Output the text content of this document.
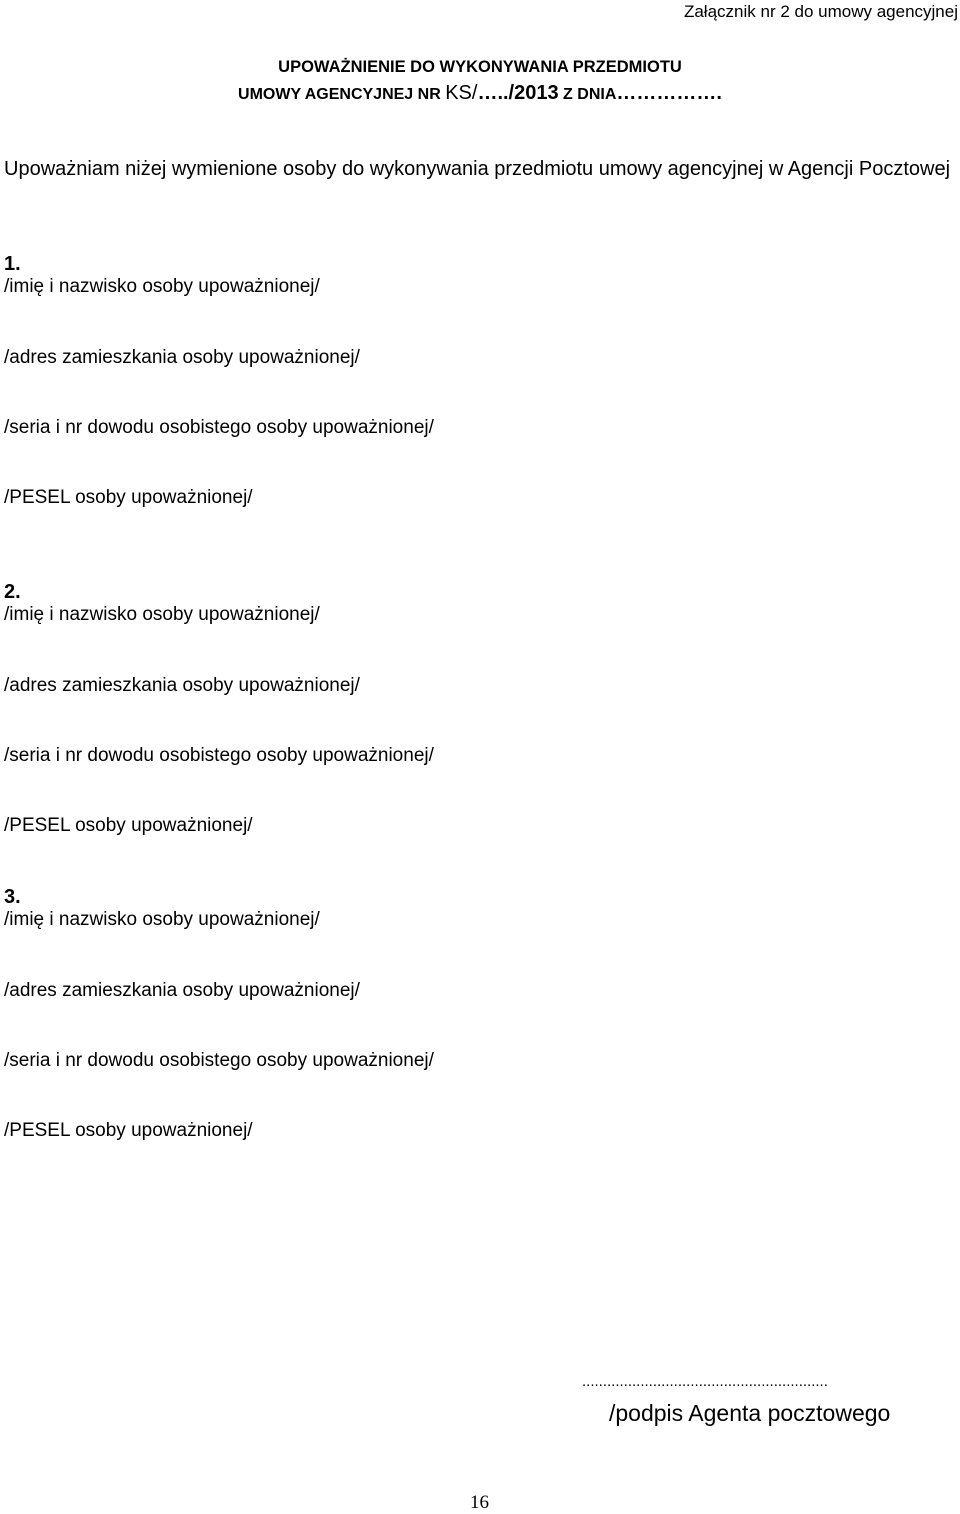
Załącznik nr 2 do umowy agencyjnej
UPOWAŻNIENIE DO WYKONYWANIA PRZEDMIOTU
UMOWY AGENCYJNEJ NR KS/…../2013 Z DNIA…………….
Upoważniam niżej wymienione osoby do wykonywania przedmiotu umowy agencyjnej w Agencji Pocztowej
1.
/imię i nazwisko osoby upoważnionej/
/adres zamieszkania osoby upoważnionej/
/seria i nr dowodu osobistego osoby upoważnionej/
/PESEL osoby upoważnionej/
2.
/imię i nazwisko osoby upoważnionej/
/adres zamieszkania osoby upoważnionej/
/seria i nr dowodu osobistego osoby upoważnionej/
/PESEL osoby upoważnionej/
3.
/imię i nazwisko osoby upoważnionej/
/adres zamieszkania osoby upoważnionej/
/seria i nr dowodu osobistego osoby upoważnionej/
/PESEL osoby upoważnionej/
...........................................................
/podpis Agenta pocztowego
16
